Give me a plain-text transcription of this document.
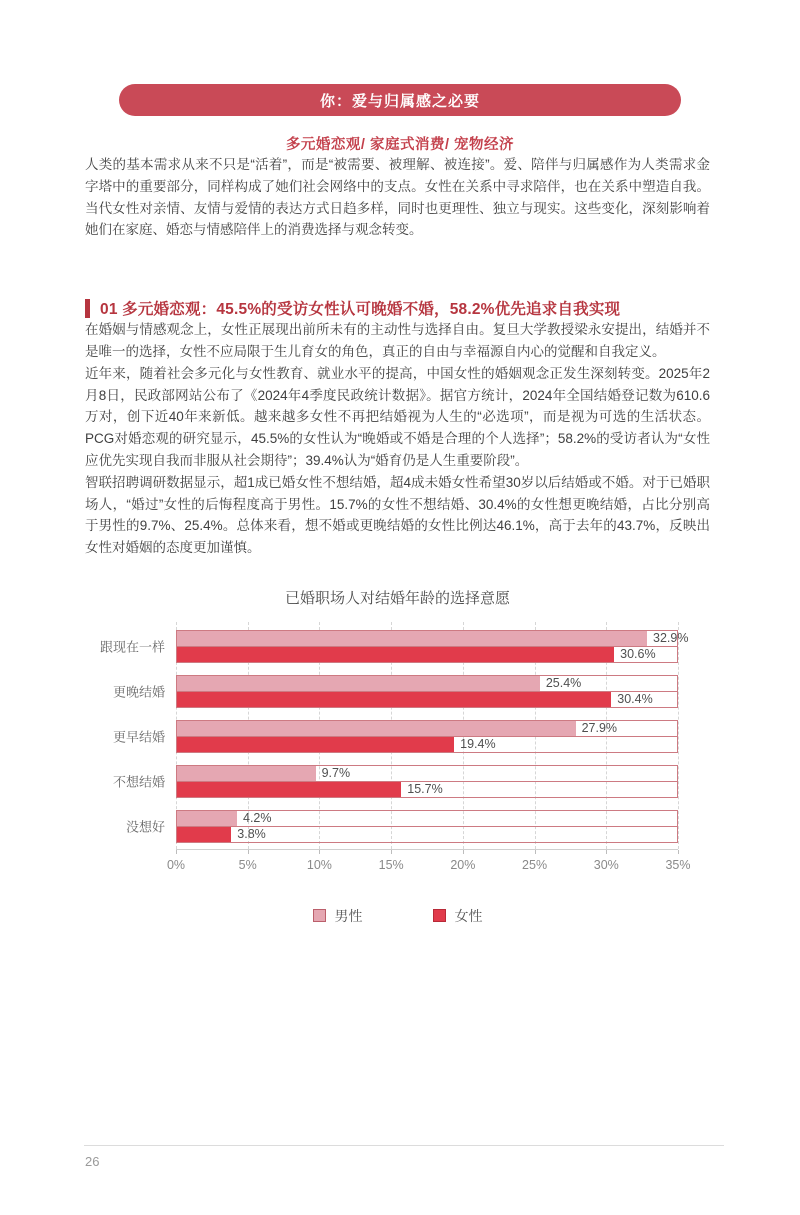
你：爱与归属感之必要
多元婚恋观/ 家庭式消费/ 宠物经济

人类的基本需求从来不只是“活着”，而是“被需要、被理解、被连接”。爱、陪伴与归属感作为人类需求金字塔中的重要部分，同样构成了她们社会网络中的支点。女性在关系中寻求陪伴，也在关系中塑造自我。当代女性对亲情、友情与爱情的表达方式日趋多样，同时也更理性、独立与现实。这些变化，深刻影响着她们在家庭、婚恋与情感陪伴上的消费选择与观念转变。

01 多元婚恋观：45.5%的受访女性认可晚婚不婚，58.2%优先追求自我实现

在婚姻与情感观念上，女性正展现出前所未有的主动性与选择自由。复旦大学教授梁永安提出，结婚并不是唯一的选择，女性不应局限于生儿育女的角色，真正的自由与幸福源自内心的觉醒和自我定义。

近年来，随着社会多元化与女性教育、就业水平的提高，中国女性的婚姻观念正发生深刻转变。2025年2月8日，民政部网站公布了《2024年4季度民政统计数据》。据官方统计，2024年全国结婚登记数为610.6万对，创下近40年来新低。越来越多女性不再把结婚视为人生的“必选项”，而是视为可选的生活状态。PCG对婚恋观的研究显示，45.5%的女性认为“晚婚或不婚是合理的个人选择”；58.2%的受访者认为“女性应优先实现自我而非服从社会期待”；39.4%认为“婚育仍是人生重要阶段”。

智联招聘调研数据显示，超1成已婚女性不想结婚，超4成未婚女性希望30岁以后结婚或不婚。对于已婚职场人，“婚过”女性的后悔程度高于男性。15.7%的女性不想结婚、30.4%的女性想更晚结婚，占比分别高于男性的9.7%、25.4%。总体来看，想不婚或更晚结婚的女性比例达46.1%，高于去年的43.7%，反映出女性对婚姻的态度更加谨慎。

已婚职场人对结婚年龄的选择意愿
跟现在一样
32.9%
30.6%
更晚结婚
25.4%
30.4%
更早结婚
27.9%
19.4%
不想结婚
9.7%
15.7%
没想好
4.2%
3.8%
0%	5%	10%	15%	20%	25%	30%	35%
男性	女性
26
